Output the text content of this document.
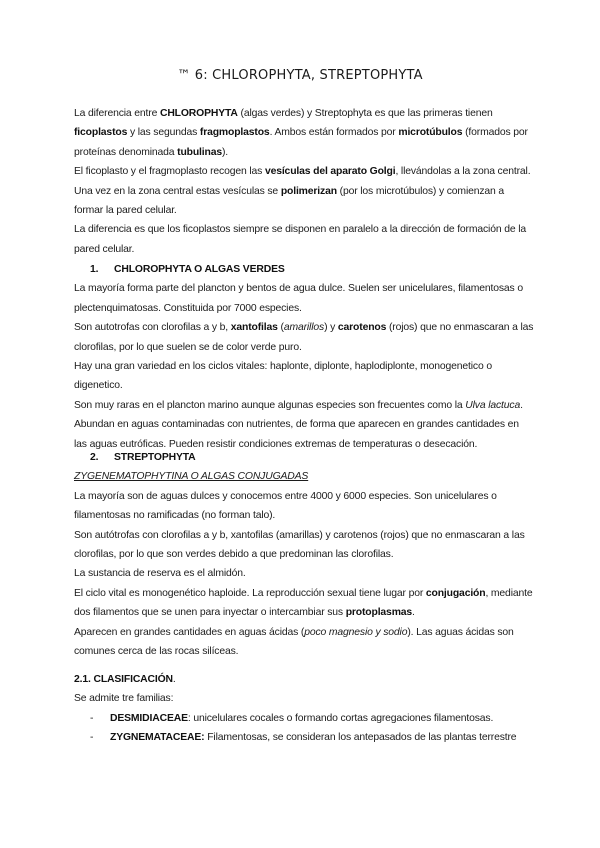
™ 6: CHLOROPHYTA, STREPTOPHYTA

La diferencia entre CHLOROPHYTA (algas verdes) y Streptophyta es que las primeras tienen ficoplastos y las segundas fragmoplastos. Ambos están formados por microtúbulos (formados por proteínas denominada tubulinas).

El ficoplasto y el fragmoplasto recogen las vesículas del aparato Golgi, llevándolas a la zona central. Una vez en la zona central estas vesículas se polimerizan (por los microtúbulos) y comienzan a formar la pared celular.

La diferencia es que los ficoplastos siempre se disponen en paralelo a la dirección de formación de la pared celular.

1. CHLOROPHYTA O ALGAS VERDES

La mayoría forma parte del plancton y bentos de agua dulce. Suelen ser unicelulares, filamentosas o plectenquimatosas. Constituida por 7000 especies.

Son autotrofas con clorofilas a y b, xantofilas (amarillos) y carotenos (rojos) que no enmascaran a las clorofilas, por lo que suelen se de color verde puro.

Hay una gran variedad en los ciclos vitales: haplonte, diplonte, haplodiplonte, monogenetico o digenetico.

Son muy raras en el plancton marino aunque algunas especies son frecuentes como la Ulva lactuca.

Abundan en aguas contaminadas con nutrientes, de forma que aparecen en grandes cantidades en las aguas eutróficas. Pueden resistir condiciones extremas de temperaturas o desecación.

2. STREPTOPHYTA

ZYGENEMATOPHYTINA O ALGAS CONJUGADAS

La mayoría son de aguas dulces y conocemos entre 4000 y 6000 especies. Son unicelulares o filamentosas no ramificadas (no forman talo).

Son autótrofas con clorofilas a y b, xantofilas (amarillas) y carotenos (rojos) que no enmascaran a las clorofilas, por lo que son verdes debido a que predominan las clorofilas.

La sustancia de reserva es el almidón.

El ciclo vital es monogenético haploide. La reproducción sexual tiene lugar por conjugación, mediante dos filamentos que se unen para inyectar o intercambiar sus protoplasmas.

Aparecen en grandes cantidades en aguas ácidas (poco magnesio y sodio). Las aguas ácidas son comunes cerca de las rocas silíceas.

2.1. CLASIFICACIÓN.

Se admite tre familias:

- DESMIDIACEAE: unicelulares cocales o formando cortas agregaciones filamentosas.
- ZYGNEMATACEAE: Filamentosas, se consideran los antepasados de las plantas terrestre
